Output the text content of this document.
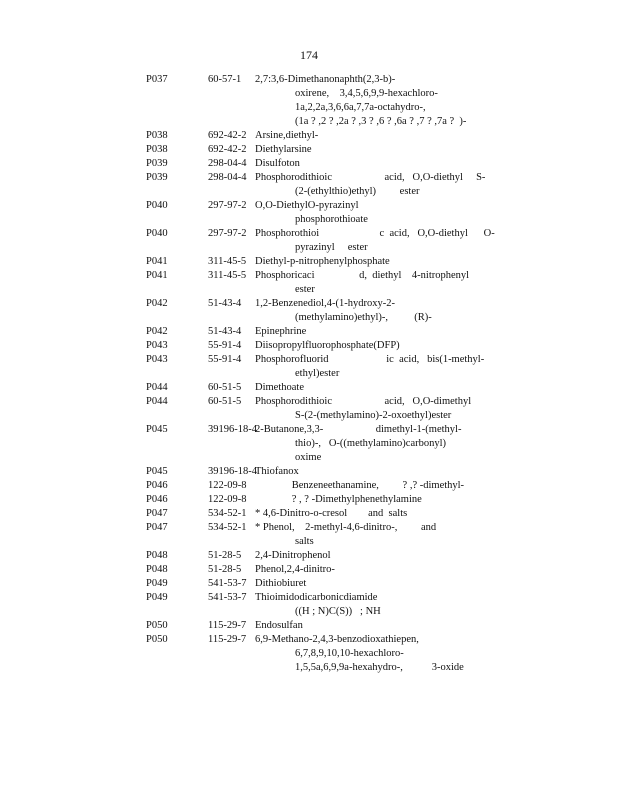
174
P037	60-57-1 2,7:3,6-Dimethanonaphth(2,3-b)-
oxirene,    3,4,5,6,9,9-hexachloro-
1a,2,2a,3,6,6a,7,7a-octahydro-,
(1a ? ,2 ? ,2a ? ,3 ? ,6 ? ,6a ? ,7 ? ,7a ?  )-
P038	692-42-2 Arsine,diethyl-
P038	692-42-2 Diethylarsine
P039	298-04-4 Disulfoton
P039	298-04-4 Phosphorodithioic                    acid,   O,O-diethyl     S-
(2-(ethylthio)ethyl)         ester
P040	297-97-2 O,O-DiethylO-pyrazinyl
phosphorothioate
P040	297-97-2 Phosphorothioi                       c  acid,   O,O-diethyl      O-
pyrazinyl     ester
P041	311-45-5 Diethyl-p-nitrophenylphosphate
P041	311-45-5 Phosphoricaci                 d,  diethyl    4-nitrophenyl
ester
P042	51-43-4 1,2-Benzenediol,4-(1-hydroxy-2-
(methylamino)ethyl)-,          (R)-
P042	51-43-4 Epinephrine
P043	55-91-4 Diisopropylfluorophosphate(DFP)
P043	55-91-4 Phosphorofluorid                      ic  acid,   bis(1-methyl-
ethyl)ester
P044	60-51-5 Dimethoate
P044	60-51-5 Phosphorodithioic                    acid,   O,O-dimethyl
S-(2-(methylamino)-2-oxoethyl)ester
P045	39196-18-4
2-Butanone,3,3-                    dimethyl-1-(methyl-
thio)-,   O-((methylamino)carbonyl)
oxime
P045	39196-18-4
Thiofanox
P046	122-09-8 Benzeneethanamine,         ? ,? -dimethyl-
P046	122-09-8 ? , ? -Dimethylphenethylamine
P047	534-52-1 * 4,6-Dinitro-o-cresol        and  salts
P047	534-52-1 * Phenol,    2-methyl-4,6-dinitro-,         and
salts
P048	51-28-5 2,4-Dinitrophenol
P048	51-28-5 Phenol,2,4-dinitro-
P049	541-53-7 Dithiobiuret
P049	541-53-7 Thioimidodicarbonicdiamide
((H ; N)C(S))   ; NH
P050	115-29-7 Endosulfan
P050	115-29-7 6,9-Methano-2,4,3-benzodioxathiepen,
6,7,8,9,10,10-hexachloro-
1,5,5a,6,9,9a-hexahydro-,           3-oxide
